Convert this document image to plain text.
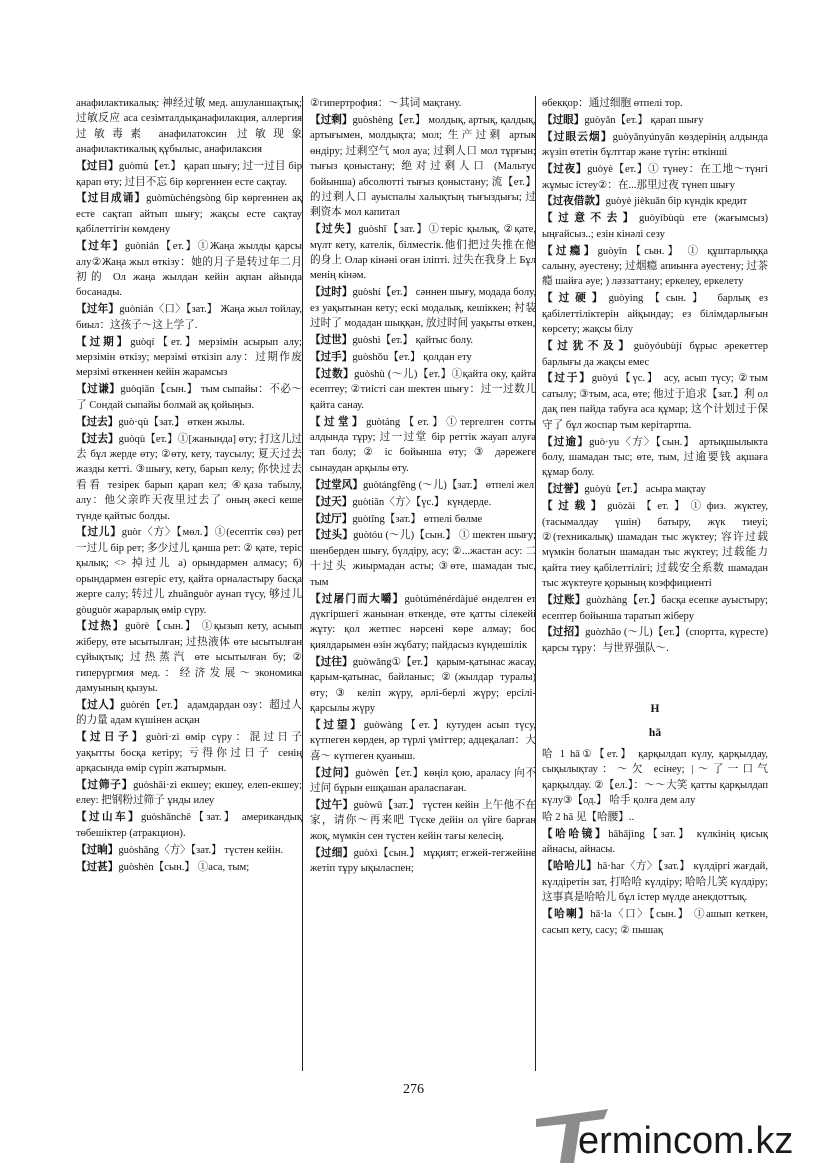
анафилактикалық: 神经过敏 мед. ашуланшақтық; 过敏反应 аса сезімталдықанафилакция, аллергия 过敏毒素 анафилатоксин 过敏现象 анафилактикалық құбылыс, анафилаксия
【过目】guòmù【ет.】 қарап шығу; 过一过目 бір қарап өту; 过目不忘 бір көргеннен есте сақтау.
【过目成诵】guòmùchéngsòng бір көргеннен ақ есте сақтап айтып шығу; жақсы есте сақтау қабілеттігін көмдену
【过年】guònián【ет.】①Жаңа жылды қарсы алу②Жаңа жыл өткізу：她的月子是转过年二月初的 Ол жаңа жылдан кейін ақпан айында босанады.
【过年】guònián〈口〉【зат.】 Жаңа жыл тойлау, биыл：这孩子～这上学了.
【过期】guòqí【ет.】мерзімін асырып алу; мерзімін өткізу; мерзімі өткізіп алу：过期作废 мерзімі өткеннен кейін жарамсыз
【过谦】guòqiān【сын.】 тым сыпайы：不必～了 Сондай сыпайы болмай ақ қойыңыз.
【过去】guò·qù【зат.】 өткен жылы.
【过去】guòqù【ет.】①[жанында] өту; 打这儿过去 бұл жерде өту; ②өту, кету, таусылу; 夏天过去 жазды кетті. ③шығу, кету, барып келу; 你快过去看看 тезірек барып қарап кел; ④қаза табылу, алу：他父亲昨天夜里过去了 оның әкесі кеше түнде қайтыс болды.
【过儿】guòr〈方〉【мөл.】①(есептік сөз) рет 一过儿 бір рет; 多少过儿 қанша рет: ② қате, теріс қылық; <> 掉过儿 а) орындармен алмасу; б) орындармен өзгеріс ету, қайта орналастыру басқа жерге салу; 转过儿 zhuǎnguòr аунап түсу, 够过儿 gòuguòr жарарлық өмір сүру.
【过热】guòrè【сын.】 ①қызып кету, асыып жіберу, өте ысытылған; 过热液体 өте ысытылған сұйықтық; 过热蒸汽 өте ысытылған бу; ② гиперүргмия мед.：经济发展～экономика дамуының қызуы.
【过人】guòrén【ет.】 адамдардан озу：超过人的力量 адам күшінен асқан
【过日子】guòrì·zi өмір сүру：混过日子 уақытты босқа кетіру; 亏得你过日子 сенің арқасында өмір сүріп жатырмын.
【过筛子】guòshāi·zi екшеу; екшеу, елеп-екшеу; елеу: 把钢粉过筛子 ұнды илеу
【过山车】guòshānchē【зат.】 американдық төбешіктер (атракцион).
【过晌】guòshǎng〈方〉【зат.】 түстен кейін.
【过甚】guòshèn【сын.】 ①аса, тым;
②гипертрофия：～其词 мақтану.
【过剩】guòshèng【ет.】 молдық, артық, қалдық, артығымен, молдықта; мол; 生产过剩 артық өндіру; 过剩空气 мол ауа; 过剩人口 мол тұрғын; тығыз қоныстану; 绝对过剩人口 (Мальтус бойынша) абсолютті тығыз қоныстану; 流【ет.】的过剩人口 ауыспалы халықтың тығыздығы; 过剩资本 мол капитал
【过失】guòshī【зат.】①теріс қылық, ②қате, мүлт кету, кателік, білместік.他们把过失推在他的身上 Олар кінәні оған іліпті. 过失在我身上 Бұл менің кінәм.
【过时】guòshí【ет.】 сәннен шығу, модада болу, ез уақытынан кету; ескі модалық, кешіккен; 衬装过时了 модадан шыққан, 放过时间 уақыты өткен,
【过世】guòshì【ет.】 қайтыс болу.
【过手】guòshǒu【ет.】 қолдан ету
【过数】guòshù (～儿)【ет.】①қайта оку, қайта есептеу; ②тиісті сан шектен шығу：过一过数儿 қайта санау.
【过堂】guòtáng【ет.】①тергелген сотты алдында тұру; 过一过堂 бір реттік жауап алуға тап болу; ② іс бойынша өту; ③ дәрежеге сынаудан арқылы өту.
【过堂风】guòtángfēng (～儿)【зат.】 өтпелі жел
【过天】guòtiān〈方〉【үс.】 күндерде.
【过厅】guòtīng【зат.】 өтпелі бөлме
【过头】guòtóu (～儿)【сын.】 ① шектен шығу; шенберден шығу, бүлдіру, асу; ②...жастан асу: 二十过头 жиырмадан асты; ③өте, шамадан тыс, тым
【过屠门而大嚼】guòtúménérdàjué өнделген ет дүкгіршегі жанынан өткенде, өте қатты сілекейі жұту: қол жетпес нәрсені көре алмау; бос қиялдарымен өзін жұбату; пайдасыз күндешілік
【过往】guòwǎng①【ет.】 қарым-қатынас жасау, қарым-қатынас, байланыс; ②(жылдар туралы) өту; ③ келіп жүру, әрлі-берлі жүру; ерсілі-қарсылы жүру
【过望】guòwàng【ет.】кутуден асып түсу, күтпеген көрден, әр түрлі үміттер; адцеқалап：大喜～ күтпеген қуаныш.
【过问】guòwèn【ет.】көңіл қою, араласу 向不过问 бұрын ешқашан араласпаған.
【过午】guòwǔ【зат.】 түстен кейін 上午他不在家，请你～再来吧 Түске дейін ол үйге барған жоқ, мүмкін сен түстен кейін тағы келесің.
【过细】guòxì【сын.】 мұқият; егжей-тегжейіне жетіп тұру ықыласпен;
өбекқор：通过细胞 өтпелі тор.
【过眼】guòyǎn【ет.】 қарап шығу
【过眼云烟】guòyǎnyúnyān көздерінің алдында жүзіп өтетін бұлттар және түтін: өткінші
【过夜】guòyè【ет.】① түнеу：在工地～түнгі жұмыс істеу②：在...那里过夜 түнеп шығу
【过夜借款】guòyè jièkuǎn бір күндік кредит
【过意不去】guòyìbùqù ете (жағымсыз) ыңғайсыз..; езін кінәлі сезу
【过瘾】guòyǐn【сын.】 ① құштарлыққа салыну, әуестену; 过烟瘾 апиынға әуестену; 过茶瘾 шайға әуе; ) ләззаттану; еркелеу, еркелету
【过硬】guòyìng【сын.】 барлық ез қабілеттіліктерін айқындау; ез білімдарлығын көрсету; жақсы білу
【过犹不及】guòyóubùjí бұрыс әрекеттер барлығы да жақсы емес
【过于】guòyú【үс.】 асу, асып түсу; ②тым сатылу; ③тым, аса, өте; 他过于追求【зат.】利 ол дақ пен пайда табуға аса құмар; 这个计划过于保守了 бұл жоспар тым керітартпа.
【过逾】guò·yu〈方〉【сын.】 артықшылыкта болу, шамадан тыс; өте, тым, 过逾要钱 ақшаға құмар болу.
【过誉】guòyù【ет.】 асыра мақтау
【过载】guòzài【ет.】①физ. жүктеу, (тасымалдау үшін) батыру, жүк тиеуі; ②(техникалық) шамадан тыс жүктеу; 容许过载 мүмкін болатын шамадан тыс жүктеу; 过载能力 қайта тиеу қабілеттілігі; 过载安全系数 шамадан тыс жүктеуге қорының коэффициенті
【过账】guòzhàng【ет.】басқа есепке ауыстыру; есептер бойынша таратып жіберу
【过招】guòzhāo (～儿)【ет.】(спортта, күресте) қарсы тұру：与世界强队～.
H
hā
哈 1 hā①【ет.】 қарқылдап күлу, қарқылдау, сықылықтау：～欠 есінеу; |～了一口气 қарқылдау. ②【ел.】：～～大笑 қатты қарқылдап күлу③【од.】 哈手 қолға дем алу
哈 2 hā 见【哈腰】..
【哈哈镜】hāhājìng【зат.】 күлкінің қисық айнасы, айнасы.
【哈哈儿】hā·har〈方〉【зат.】 күлдіргі жағдай, күлдіретін зат, 打哈哈 күлдіру; 哈哈儿笑 күлдіру; 这事真是哈哈儿 бұл істер мүлде анекдоттық.
【哈喇】hā·la〈口〉【сын.】 ①ашып кеткен, сасып кету, сасу; ② пышақ
276
ermincom.kz
